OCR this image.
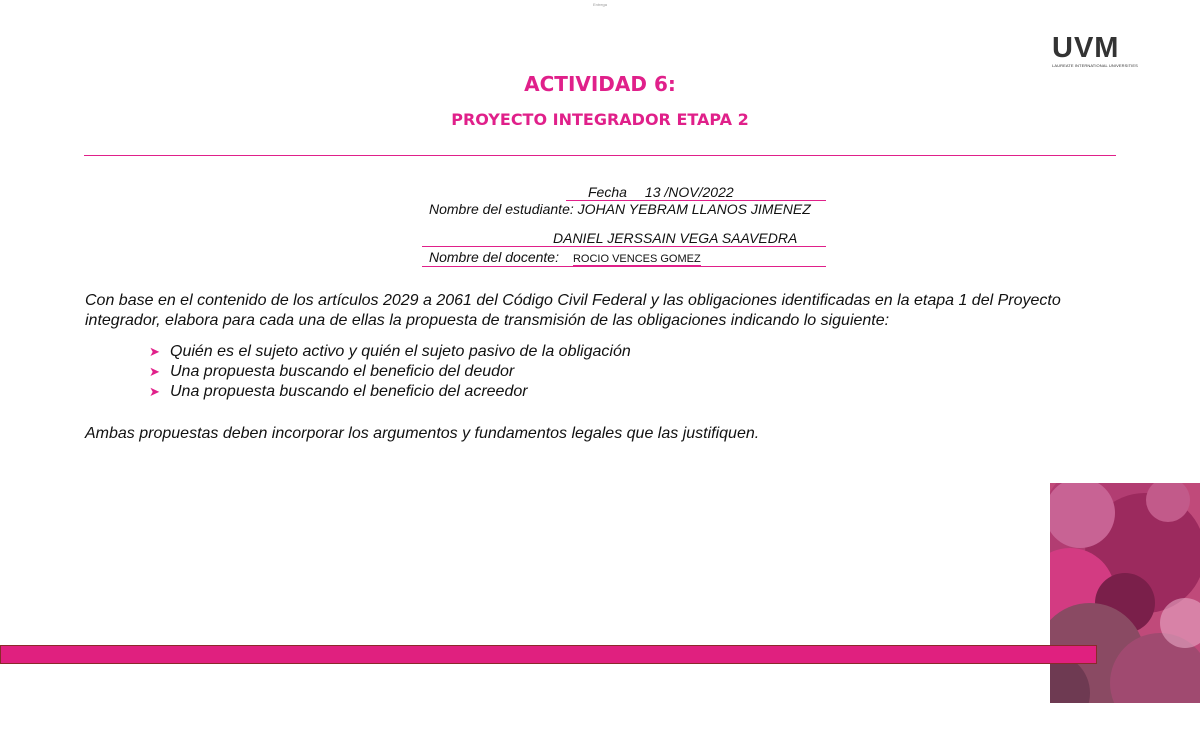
Entrega
UVM
LAUREATE INTERNATIONAL UNIVERSITIES
ACTIVIDAD 6:
PROYECTO INTEGRADOR ETAPA 2
Fecha 13 /NOV/2022
Nombre del estudiante: JOHAN YEBRAM LLANOS JIMENEZ
DANIEL JERSSAIN VEGA SAAVEDRA
Nombre del docente: ROCIO VENCES GOMEZ
Con base en el contenido de los artículos 2029 a 2061 del Código Civil Federal y las obligaciones identificadas en la etapa 1 del Proyecto integrador, elabora para cada una de ellas la propuesta de transmisión de las obligaciones indicando lo siguiente:
➤ Quién es el sujeto activo y quién el sujeto pasivo de la obligación
➤ Una propuesta buscando el beneficio del deudor
➤ Una propuesta buscando el beneficio del acreedor
Ambas propuestas deben incorporar los argumentos y fundamentos legales que las justifiquen.
